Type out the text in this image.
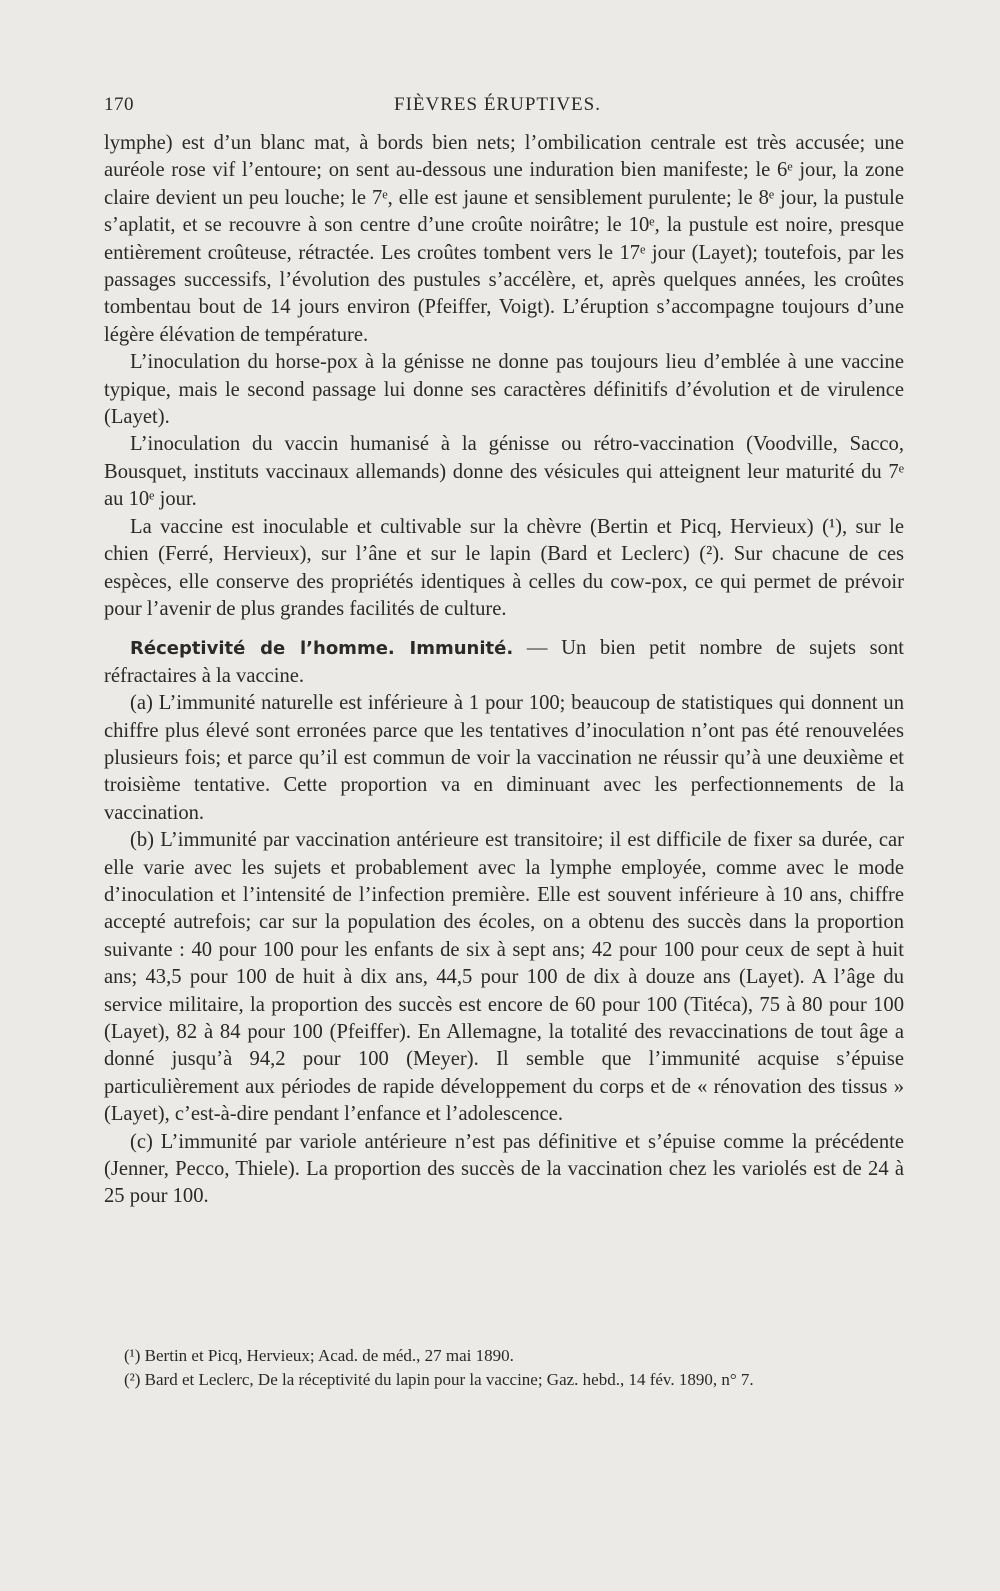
170	FIÈVRES ÉRUPTIVES.

lymphe) est d’un blanc mat, à bords bien nets; l’ombilication centrale est très accusée; une auréole rose vif l’entoure; on sent au-dessous une induration bien manifeste; le 6ᵉ jour, la zone claire devient un peu louche; le 7ᵉ, elle est jaune et sensiblement purulente; le 8ᵉ jour, la pustule s’aplatit, et se recouvre à son centre d’une croûte noirâtre; le 10ᵉ, la pustule est noire, presque entièrement croûteuse, rétractée. Les croûtes tombent vers le 17ᵉ jour (Layet); toutefois, par les passages successifs, l’évolution des pustules s’accélère, et, après quelques années, les croûtes tombentau bout de 14 jours environ (Pfeiffer, Voigt). L’éruption s’accompagne toujours d’une légère élévation de température.

L’inoculation du horse-pox à la génisse ne donne pas toujours lieu d’emblée à une vaccine typique, mais le second passage lui donne ses caractères définitifs d’évolution et de virulence (Layet).

L’inoculation du vaccin humanisé à la génisse ou rétro-vaccination (Voodville, Sacco, Bousquet, instituts vaccinaux allemands) donne des vésicules qui atteignent leur maturité du 7ᵉ au 10ᵉ jour.

La vaccine est inoculable et cultivable sur la chèvre (Bertin et Picq, Hervieux) (¹), sur le chien (Ferré, Hervieux), sur l’âne et sur le lapin (Bard et Leclerc) (²). Sur chacune de ces espèces, elle conserve des propriétés identiques à celles du cow-pox, ce qui permet de prévoir pour l’avenir de plus grandes facilités de culture.

Réceptivité de l’homme. Immunité. — Un bien petit nombre de sujets sont réfractaires à la vaccine.

(a) L’immunité naturelle est inférieure à 1 pour 100; beaucoup de statistiques qui donnent un chiffre plus élevé sont erronées parce que les tentatives d’inoculation n’ont pas été renouvelées plusieurs fois; et parce qu’il est commun de voir la vaccination ne réussir qu’à une deuxième et troisième tentative. Cette proportion va en diminuant avec les perfectionnements de la vaccination.

(b) L’immunité par vaccination antérieure est transitoire; il est difficile de fixer sa durée, car elle varie avec les sujets et probablement avec la lymphe employée, comme avec le mode d’inoculation et l’intensité de l’infection première. Elle est souvent inférieure à 10 ans, chiffre accepté autrefois; car sur la population des écoles, on a obtenu des succès dans la proportion suivante : 40 pour 100 pour les enfants de six à sept ans; 42 pour 100 pour ceux de sept à huit ans; 43,5 pour 100 de huit à dix ans, 44,5 pour 100 de dix à douze ans (Layet). A l’âge du service militaire, la proportion des succès est encore de 60 pour 100 (Titéca), 75 à 80 pour 100 (Layet), 82 à 84 pour 100 (Pfeiffer). En Allemagne, la totalité des revaccinations de tout âge a donné jusqu’à 94,2 pour 100 (Meyer). Il semble que l’immunité acquise s’épuise particulièrement aux périodes de rapide développement du corps et de « rénovation des tissus » (Layet), c’est-à-dire pendant l’enfance et l’adolescence.

(c) L’immunité par variole antérieure n’est pas définitive et s’épuise comme la précédente (Jenner, Pecco, Thiele). La proportion des succès de la vaccination chez les variolés est de 24 à 25 pour 100.

(¹) Bertin et Picq, Hervieux; Acad. de méd., 27 mai 1890.

(²) Bard et Leclerc, De la réceptivité du lapin pour la vaccine; Gaz. hebd., 14 fév. 1890, n° 7.
